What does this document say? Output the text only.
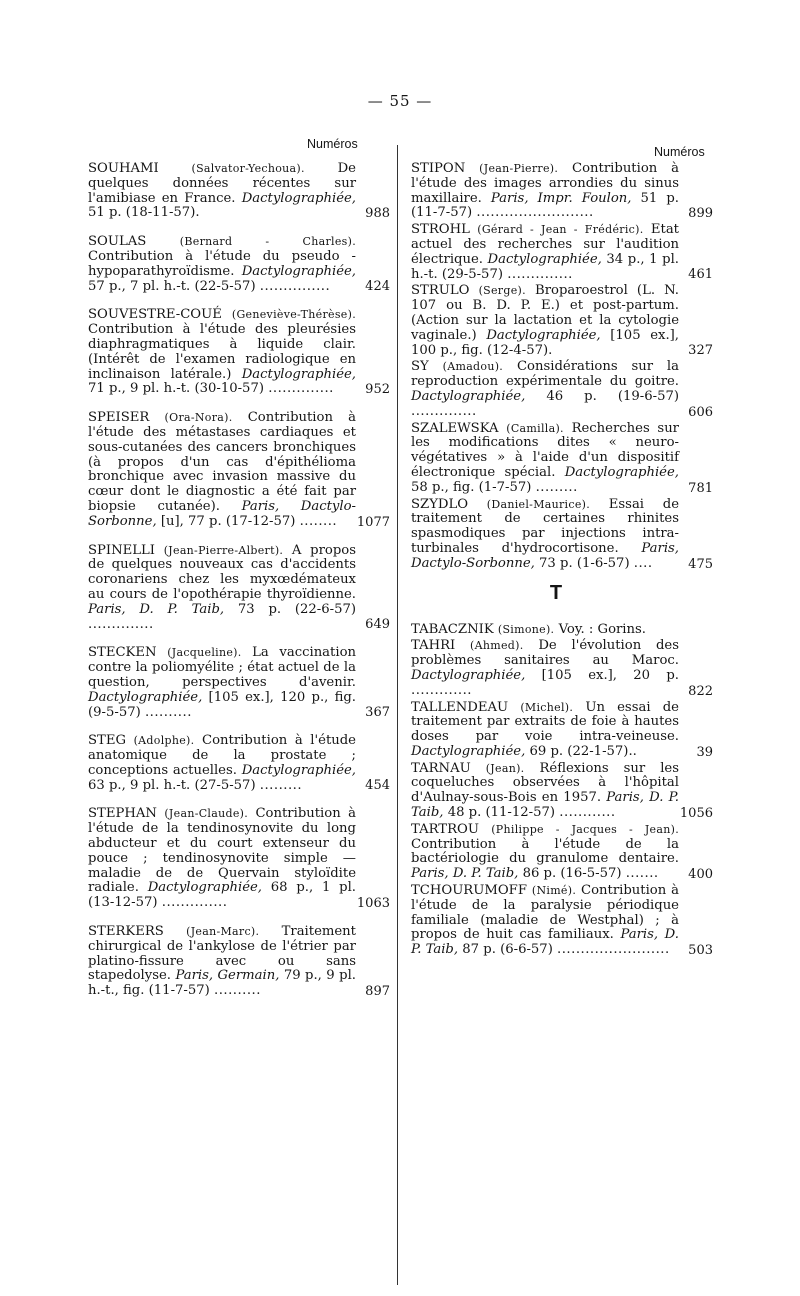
— 55 —
Numéros
Numéros
SOUHAMI	(Salvator-Yechoua). De quelques données récentes sur l'amibiase en France. Dactylographiée, 51 p. (18-11-57).	988
SOULAS	(Bernard - Charles). Contribution à l'étude du pseudo - hypoparathyroïdisme. Dactylographiée, 57 p., 7 pl. h.-t. (22-5-57) ...............	424
SOUVESTRE-COUÉ (Geneviève-Thérèse). Contribution à l'étude des pleurésies diaphragmatiques à liquide clair. (Intérêt de l'examen radiologique en inclinaison latérale.) Dactylographiée, 71 p., 9 pl. h.-t. (30-10-57) ..............	952
SPEISER (Ora-Nora). Contribution à l'étude des métastases cardiaques et sous-cutanées des cancers bronchiques (à propos d'un cas d'épithélioma bronchique avec invasion massive du cœur dont le diagnostic a été fait par biopsie cutanée). Paris, Dactylo-Sorbonne, [u], 77 p. (17-12-57) ........	1077
SPINELLI (Jean-Pierre-Albert). A propos de quelques nouveaux cas d'accidents coronariens chez les myxœdémateux au cours de l'opothérapie thyroïdienne. Paris, D. P. Taib, 73 p. (22-6-57) ..............	649
STECKEN (Jacqueline). La vaccination contre la poliomyélite ; état actuel de la question, perspectives d'avenir. Dactylographiée, [105 ex.], 120 p., fig. (9-5-57) ..........	367
STEG (Adolphe). Contribution à l'étude anatomique de la prostate ; conceptions actuelles. Dactylographiée, 63 p., 9 pl. h.-t. (27-5-57) .........	454
STEPHAN (Jean-Claude). Contribution à l'étude de la tendinosynovite du long abducteur et du court extenseur du pouce ; tendinosynovite simple — maladie de de Quervain styloïdite radiale. Dactylographiée, 68 p., 1 pl. (13-12-57) ..............	1063
STERKERS (Jean-Marc). Traitement chirurgical de l'ankylose de l'étrier par platino-fissure avec ou sans stapedolyse. Paris, Germain, 79 p., 9 pl. h.-t., fig. (11-7-57) ..........	897
STIPON (Jean-Pierre). Contribution à l'étude des images arrondies du sinus maxillaire. Paris, Impr. Foulon, 51 p. (11-7-57) .........................	899
STROHL (Gérard - Jean - Frédéric). Etat actuel des recherches sur l'audition électrique. Dactylographiée, 34 p., 1 pl. h.-t. (29-5-57) ..............	461
STRULO (Serge). Broparoestrol (L. N. 107 ou B. D. P. E.) et post-partum. (Action sur la lactation et la cytologie vaginale.) Dactylographiée, [105 ex.], 100 p., fig. (12-4-57).	327
SY (Amadou). Considérations sur la reproduction expérimentale du goitre. Dactylographiée, 46 p. (19-6-57) ..............	606
SZALEWSKA (Camilla). Recherches sur les modifications dites « neuro-végétatives » à l'aide d'un dispositif électronique spécial. Dactylographiée, 58 p., fig. (1-7-57) .........	781
SZYDLO (Daniel-Maurice). Essai de traitement de certaines rhinites spasmodiques par injections intra-turbinales d'hydrocortisone. Paris, Dactylo-Sorbonne, 73 p. (1-6-57) ....	475
T
TABACZNIK (Simone). Voy. : Gorins.
TAHRI (Ahmed). De l'évolution des problèmes sanitaires au Maroc. Dactylographiée, [105 ex.], 20 p. .............	822
TALLENDEAU (Michel). Un essai de traitement par extraits de foie à hautes doses par voie intra-veineuse. Dactylographiée, 69 p. (22-1-57)..	39
TARNAU (Jean). Réflexions sur les coqueluches observées à l'hôpital d'Aulnay-sous-Bois en 1957. Paris, D. P. Taib, 48 p. (11-12-57) ............	1056
TARTROU (Philippe - Jacques - Jean). Contribution à l'étude de la bactériologie du granulome dentaire. Paris, D. P. Taib, 86 p. (16-5-57) .......	400
TCHOURUMOFF (Nimé). Contribution à l'étude de la paralysie périodique familiale (maladie de Westphal) ; à propos de huit cas familiaux. Paris, D. P. Taib, 87 p. (6-6-57) ........................	503
